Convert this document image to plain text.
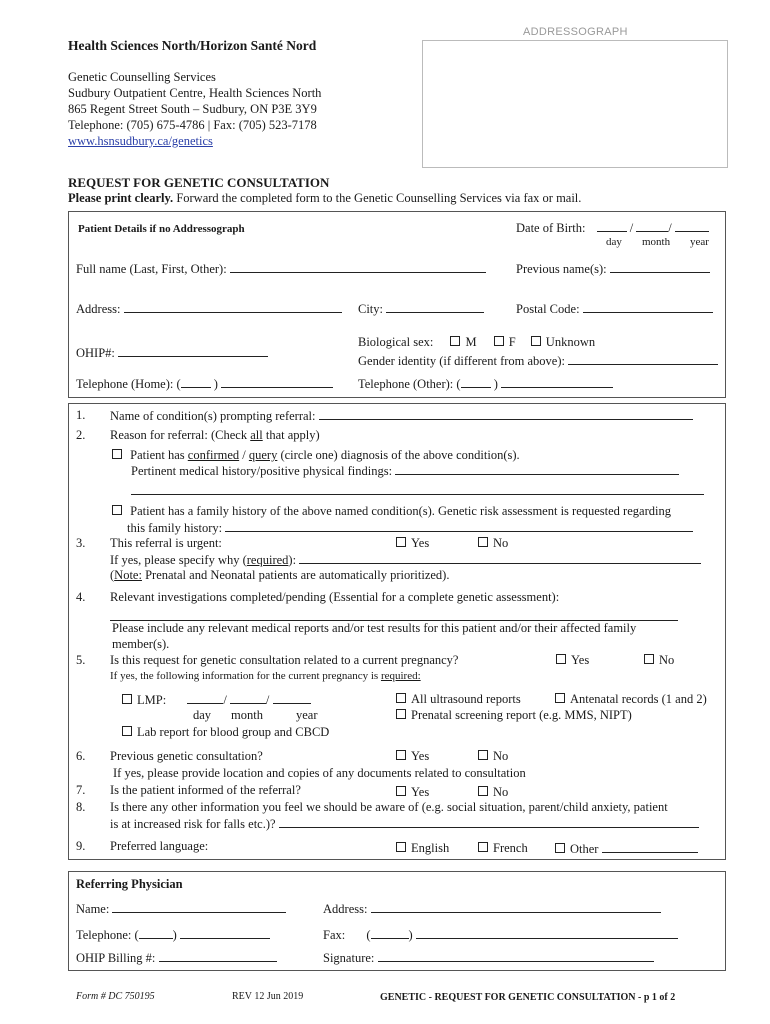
Health Sciences North/Horizon Santé Nord
Genetic Counselling Services
Sudbury Outpatient Centre, Health Sciences North
865 Regent Street South – Sudbury, ON P3E 3Y9
Telephone: (705) 675-4786 | Fax: (705) 523-7178
www.hsnsudbury.ca/genetics
ADDRESSOGRAPH
REQUEST FOR GENETIC CONSULTATION
Please print clearly. Forward the completed form to the Genetic Counselling Services via fax or mail.
Patient Details if no Addressograph	Date of Birth:	/	/
day month year
Full name (Last, First, Other):	Previous name(s):
Address:	City:	Postal Code:
Biological sex:	M	F Unknown
OHIP#:
Gender identity (if different from above):
Telephone (Home): (	)	Telephone (Other): (	)
1. Name of condition(s) prompting referral:
2. Reason for referral: (Check all that apply)
Patient has confirmed / query (circle one) diagnosis of the above condition(s).
Pertinent medical history/positive physical findings:
Patient has a family history of the above named condition(s). Genetic risk assessment is requested regarding
this family history:
3. This referral is urgent:	Yes	No
If yes, please specify why (required):
(Note: Prenatal and Neonatal patients are automatically prioritized).
4. Relevant investigations completed/pending (Essential for a complete genetic assessment):
Please include any relevant medical reports and/or test results for this patient and/or their affected family
member(s).
5. Is this request for genetic consultation related to a current pregnancy?	Yes	No
If yes, the following information for the current pregnancy is required:
LMP:	/	/
day month	year
Lab report for blood group and CBCD
All ultrasound reports	Antenatal records (1 and 2)
Prenatal screening report (e.g. MMS, NIPT)
6. Previous genetic consultation?	Yes	No
If yes, please provide location and copies of any documents related to consultation
7. Is the patient informed of the referral?	Yes	No
8. Is there any other information you feel we should be aware of (e.g. social situation, parent/child anxiety, patient
is at increased risk for falls etc.)?
9. Preferred language:	English	French	Other
Referring Physician
Name:	Address:
Telephone: (	)	Fax: (	)
OHIP Billing #:	Signature:
Form # DC 750195	REV 12 Jun 2019	GENETIC - REQUEST FOR GENETIC CONSULTATION - p 1 of 2
